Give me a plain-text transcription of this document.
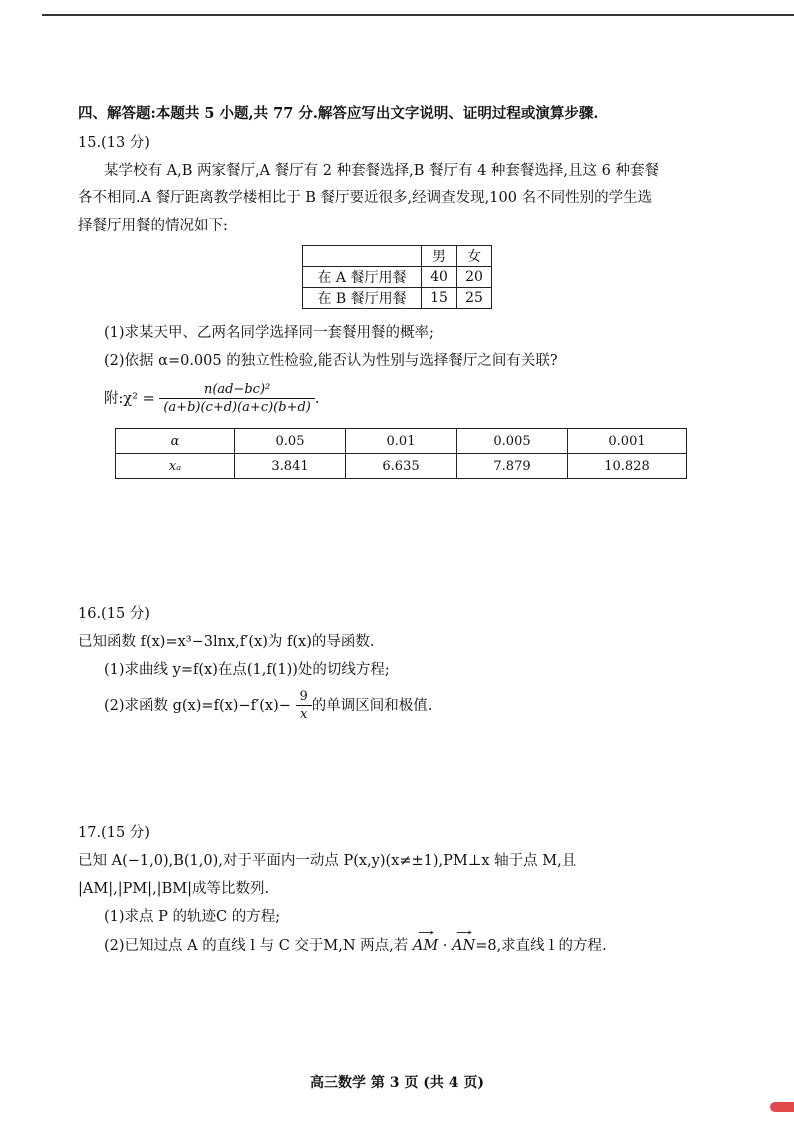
四、解答题:本题共 5 小题,共 77 分.解答应写出文字说明、证明过程或演算步骤.
15.(13 分)
某学校有 A,B 两家餐厅,A 餐厅有 2 种套餐选择,B 餐厅有 4 种套餐选择,且这 6 种套餐
各不相同.A 餐厅距离教学楼相比于 B 餐厅要近很多,经调查发现,100 名不同性别的学生选
择餐厅用餐的情况如下:
	男	女
在 A 餐厅用餐	40	20
在 B 餐厅用餐	15	25
(1)求某天甲、乙两名同学选择同一套餐用餐的概率;
(2)依据 α=0.005 的独立性检验,能否认为性别与选择餐厅之间有关联?
附:χ² = $\frac{\text{n(ad−bc)²}}{(a+b)(c+d)(a+c)(b+d)}$ .
α	0.05	0.01	0.005	0.001
xₐ	3.841	6.635	7.879	10.828
16.(15 分)
已知函数 f(x)=x³−3lnx,f′(x)为 f(x)的导函数.
(1)求曲线 y=f(x)在点(1,f(1))处的切线方程;
(2)求函数 $g(x)=f(x)-f'(x)- \frac{9}{x}$ 的单调区间和极值.
17.(15 分)
已知 A(−1,0),B(1,0),对于平面内一动点 P(x,y)(x≠±1),PM⊥x 轴于点 M,且
|AM|,|PM|,|BM|成等比数列.
(1)求点 P 的轨迹C 的方程;
(2)已知过点 A 的直线 l 与 C 交于M,N 两点,若 → AM · → AN=8,求直线 l 的方程.
高三数学 第 3 页 (共 4 页)
